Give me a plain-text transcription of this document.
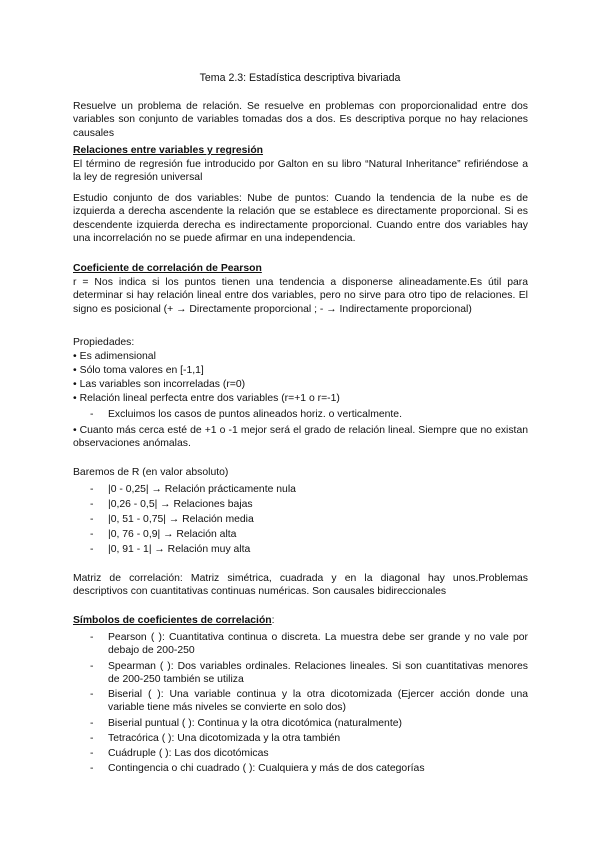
Tema 2.3: Estadística descriptiva bivariada
Resuelve un problema de relación. Se resuelve en problemas con proporcionalidad entre dos variables son conjunto de variables tomadas dos a dos. Es descriptiva porque no hay relaciones causales
Relaciones entre variables y regresión
El término de regresión fue introducido por Galton en su libro “Natural Inheritance” refiriéndose a la ley de regresión universal
Estudio conjunto de dos variables: Nube de puntos: Cuando la tendencia de la nube es de izquierda a derecha ascendente la relación que se establece es directamente proporcional. Si es descendente izquierda derecha es indirectamente proporcional. Cuando entre dos variables hay una incorrelación no se puede afirmar en una independencia.
Coeficiente de correlación de Pearson
r = Nos indica si los puntos tienen una tendencia a disponerse alineadamente.Es útil para determinar si hay relación lineal entre dos variables, pero no sirve para otro tipo de relaciones. El signo es posicional (+ → Directamente proporcional ; - → Indirectamente proporcional)
Propiedades:
• Es adimensional
• Sólo toma valores en [-1,1]
• Las variables son incorreladas (r=0)
• Relación lineal perfecta entre dos variables (r=+1 o r=-1)
- Excluimos los casos de puntos alineados horiz. o verticalmente.
• Cuanto más cerca esté de +1 o -1 mejor será el grado de relación lineal. Siempre que no existan observaciones anómalas.
Baremos de R (en valor absoluto)
- |0 - 0,25| → Relación prácticamente nula
- |0,26 - 0,5| → Relaciones bajas
- |0, 51 - 0,75| → Relación media
- |0, 76 - 0,9| → Relación alta
- |0, 91 - 1| → Relación muy alta
Matriz de correlación: Matriz simétrica, cuadrada y en la diagonal hay unos.Problemas descriptivos con cuantitativas continuas numéricas. Son causales bidireccionales
Símbolos de coeficientes de correlación:
- Pearson ( ): Cuantitativa continua o discreta. La muestra debe ser grande y no vale por debajo de 200-250
- Spearman ( ): Dos variables ordinales. Relaciones lineales. Si son cuantitativas menores de 200-250 también se utiliza
- Biserial ( ): Una variable continua y la otra dicotomizada (Ejercer acción donde una variable tiene más niveles se convierte en solo dos)
- Biserial puntual ( ): Continua y la otra dicotómica (naturalmente)
- Tetracórica ( ): Una dicotomizada y la otra también
- Cuádruple ( ): Las dos dicotómicas
- Contingencia o chi cuadrado ( ): Cualquiera y más de dos categorías
